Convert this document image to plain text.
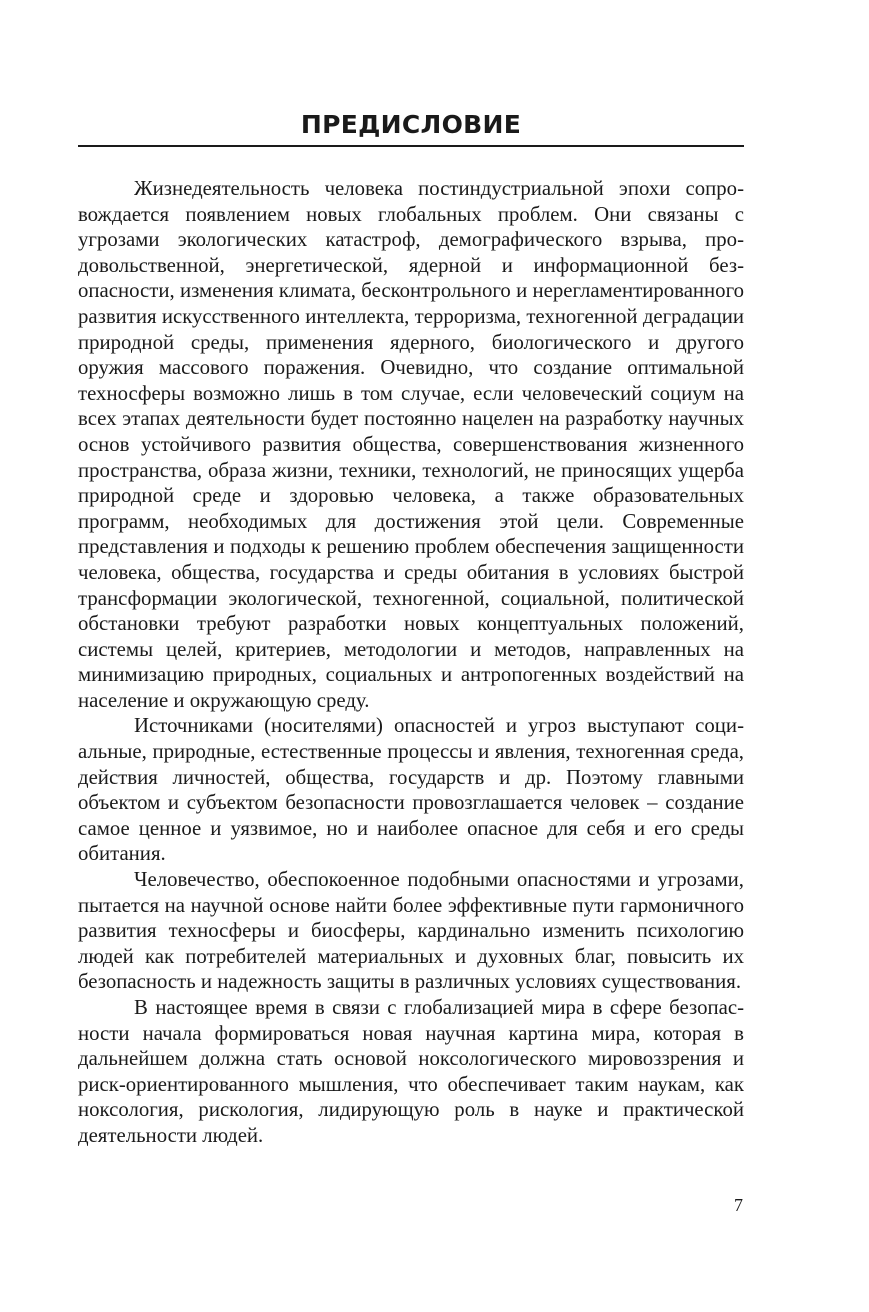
ПРЕДИСЛОВИЕ

Жизнедеятельность человека постиндустриальной эпохи сопровождается появлением новых глобальных проблем. Они связаны с угрозами экологических катастроф, демографического взрыва, продовольственной, энергетической, ядерной и информационной безопасности, изменения климата, бесконтрольного и нерегламентированного развития искусственного интеллекта, терроризма, техногенной деградации природной среды, применения ядерного, биологического и другого оружия массового поражения. Очевидно, что создание оптимальной техносферы возможно лишь в том случае, если человеческий социум на всех этапах деятельности будет постоянно нацелен на разработку научных основ устойчивого развития общества, совершенствования жизненного пространства, образа жизни, техники, технологий, не приносящих ущерба природной среде и здоровью человека, а также образовательных программ, необходимых для достижения этой цели. Современные представления и подходы к решению проблем обеспечения защищенности человека, общества, государства и среды обитания в условиях быстрой трансформации экологической, техногенной, социальной, политической обстановки требуют разработки новых концептуальных положений, системы целей, критериев, методологии и методов, направленных на минимизацию природных, социальных и антропогенных воздействий на население и окружающую среду.

Источниками (носителями) опасностей и угроз выступают социальные, природные, естественные процессы и явления, техногенная среда, действия личностей, общества, государств и др. Поэтому главными объектом и субъектом безопасности провозглашается человек – создание самое ценное и уязвимое, но и наиболее опасное для себя и его среды обитания.

Человечество, обеспокоенное подобными опасностями и угрозами, пытается на научной основе найти более эффективные пути гармоничного развития техносферы и биосферы, кардинально изменить психологию людей как потребителей материальных и духовных благ, повысить их безопасность и надежность защиты в различных условиях существования.

В настоящее время в связи с глобализацией мира в сфере безопасности начала формироваться новая научная картина мира, которая в дальнейшем должна стать основой ноксологического мировоззрения и риск-ориентированного мышления, что обеспечивает таким наукам, как ноксология, рискология, лидирующую роль в науке и практической деятельности людей.

7
